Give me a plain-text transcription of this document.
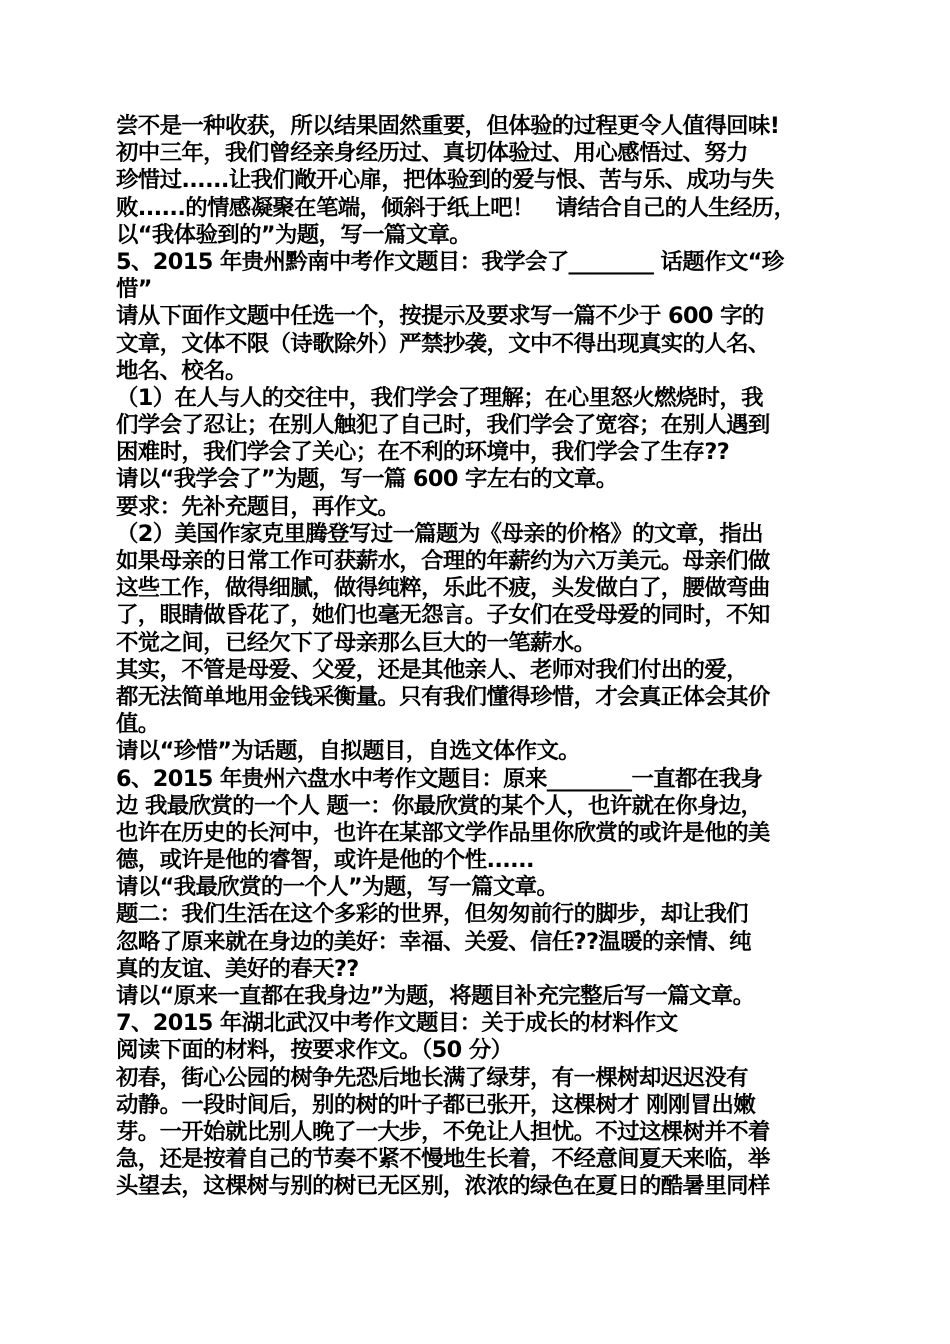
尝不是一种收获，所以结果固然重要，但体验的过程更令人值得回味!
初中三年，我们曾经亲身经历过、真切体验过、用心感悟过、努力
珍惜过......让我们敞开心扉，把体验到的爱与恨、苦与乐、成功与失
败......的情感凝聚在笔端，倾斜于纸上吧！　请结合自己的人生经历，
以“我体验到的”为题，写一篇文章。
5、2015 年贵州黔南中考作文题目：我学会了________ 话题作文“珍
惜”
请从下面作文题中任选一个，按提示及要求写一篇不少于 600 字的
文章，文体不限（诗歌除外）严禁抄袭，文中不得出现真实的人名、
地名、校名。
（1）在人与人的交往中，我们学会了理解；在心里怒火燃烧时，我
们学会了忍让；在别人触犯了自己时，我们学会了宽容；在别人遇到
困难时，我们学会了关心；在不利的环境中，我们学会了生存??
请以“我学会了”为题，写一篇 600 字左右的文章。
要求：先补充题目，再作文。
（2）美国作家克里腾登写过一篇题为《母亲的价格》的文章，指出
如果母亲的日常工作可获薪水，合理的年薪约为六万美元。母亲们做
这些工作，做得细腻，做得纯粹，乐此不疲，头发做白了，腰做弯曲
了，眼睛做昏花了，她们也毫无怨言。子女们在受母爱的同时，不知
不觉之间，已经欠下了母亲那么巨大的一笔薪水。
其实，不管是母爱、父爱，还是其他亲人、老师对我们付出的爱，
都无法简单地用金钱采衡量。只有我们懂得珍惜，才会真正体会其价
值。
请以“珍惜”为话题，自拟题目，自选文体作文。
6、2015 年贵州六盘水中考作文题目：原来________一直都在我身
边 我最欣赏的一个人 题一：你最欣赏的某个人，也许就在你身边，
也许在历史的长河中，也许在某部文学作品里你欣赏的或许是他的美
德，或许是他的睿智，或许是他的个性......
请以“我最欣赏的一个人”为题，写一篇文章。
题二：我们生活在这个多彩的世界，但匆匆前行的脚步，却让我们
忽略了原来就在身边的美好：幸福、关爱、信任??温暖的亲情、纯
真的友谊、美好的春天??
请以“原来一直都在我身边”为题，将题目补充完整后写一篇文章。
7、2015 年湖北武汉中考作文题目：关于成长的材料作文
阅读下面的材料，按要求作文。（50 分）
初春，街心公园的树争先恐后地长满了绿芽，有一棵树却迟迟没有
动静。一段时间后，别的树的叶子都已张开，这棵树才 刚刚冒出嫩
芽。一开始就比别人晚了一大步，不免让人担忧。不过这棵树并不着
急，还是按着自己的节奏不紧不慢地生长着，不经意间夏天来临，举
头望去，这棵树与别的树已无区别，浓浓的绿色在夏日的酷暑里同样
